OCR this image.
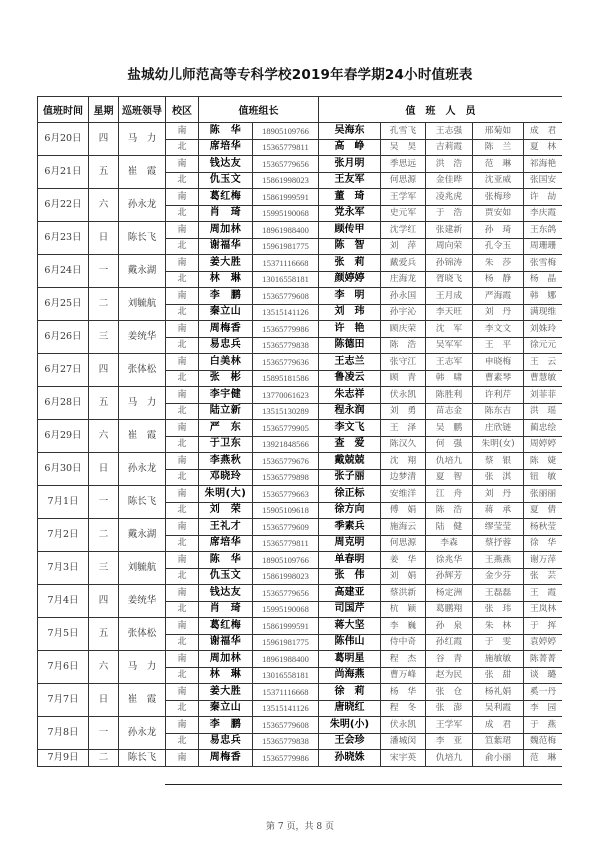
盐城幼儿师范高等专科学校2019年春学期24小时值班表
值班时间	星期	巡班领导	校区	值班组长		值　班　人　员				
6月20日	四	马　力	南	陈　华	18905109766	吴海东	孔雪飞	王志强	邢菊如	成　君
			北	席培华	15365779811	高　峥	吴　昊	吉莉霞	陈　兰	夏　林
6月21日	五	崔　霞	南	钱达友	15365779656	张月明	季思远	洪　浩	范　琳	祁海艳
			北	仇玉文	15861998023	王友军	何思源	金佳晔	沈亚威	张国安
6月22日	六	孙永龙	南	葛红梅	15861999591	董　琦	王学军	凌兆虎	张梅珍	许　劼
			北	肖　琦	15995190068	党永军	史元军	于　浩	贾安如	李庆霞
6月23日	日	陈长飞	南	周加林	18961988400	顾传甲	沈学红	张建新	孙　琦	王东鸽
			北	谢福华	15961981775	陈　智	刘　萍	周向荣	孔令玉	周珊珊
6月24日	一	戴永湖	南	姜大胜	15371116668	张　莉	戴爱兵	孙锦涛	朱　莎	张雪梅
			北	林　琳	13016558181	颜婷婷	庄海龙	胥晓飞	杨　静	杨　晶
6月25日	二	刘毓航	南	李　鹏	15365779608	李　明	孙永国	王月成	严海霞	韩　娜
			北	秦立山	13515141126	刘　玮	孙宇沁	李天旺	刘　丹	满现维
6月26日	三	姜统华	南	周梅香	15365779986	许　艳	顾庆荣	沈　军	李文文	刘姝玲
			北	易忠兵	15365779838	陈德田	陈　浩	吴军军	王　平	徐元元
6月27日	四	张体松	南	白美林	15365779636	王志兰	张守江	王志军	申晓梅	王　云
			北	张　彬	15895181586	鲁凌云	顾　青	韩　啸	曹素琴	曹慧敏
6月28日	五	马　力	南	李宇健	13770061623	朱志祥	伏永凯	陈胜利	许利芹	刘菲菲
			北	陆立新	13515130289	程永润	刘　勇	苗志金	陈东吉	洪　瑶
6月29日	六	崔　霞	南	严　东	15365779905	李文飞	王　泽	吴　鹏	庄欣链	蔺忠绘
			北	于卫东	13921848566	查　爱	陈汉久	何　强	朱明(女)	周婷婷
6月30日	日	孙永龙	南	李燕秋	15365779676	戴兢兢	沈　翔	仇培九	蔡　银	陈　婕
			北	邓晓玲	15365779898	张子丽	边梦清	夏　智	张　淇	钮　敏
7月1日	一	陈长飞	南	朱明(大)	15365779663	徐正标	安维洋	江　舟	刘　丹	张丽丽
			北	刘　荣	15905109618	徐方向	傅　娟	陈　浩	蒋　承	夏　倩
7月2日	二	戴永湖	南	王礼才	15365779609	季素兵	施海云	陆　健	缪莹莹	杨秋莹
			北	席培华	15365779811	周克明	何思源	李森	蔡抒蓉	徐　华
7月3日	三	刘毓航	南	陈　华	18905109766	单春明	姜　华	徐兆华	王燕燕	谢万萍
			北	仇玉文	15861998023	张　伟	刘　娟	孙辉芳	金少芬	张　芸
7月4日	四	姜统华	南	钱达友	15365779656	高建亚	蔡洪新	杨定洲	王磊磊	王　霞
			北	肖　琦	15995190068	司国芹	杭　颖	葛鹏翔	张　玮	王岚林
7月5日	五	张体松	南	葛红梅	15861999591	蒋大坚	李　巍	孙　泉	朱　林	于　挥
			北	谢福华	15961981775	陈伟山	侍中奇	孙红霞	于　雯	袁婷婷
7月6日	六	马　力	南	周加林	18961988400	葛明星	程　杰	谷　青	施敏敏	陈菁菁
			北	林　琳	13016558181	尚海燕	曹万峰	赵为民	张　甜	谈　璐
7月7日	日	崔　霞	南	姜大胜	15371116668	徐　莉	杨　华	张　仓	杨礼娟	奚一丹
			北	秦立山	13515141126	唐晓红	程　冬	张　澎	吴利霞	李　园
7月8日	一	孙永龙	南	李　鹏	15365779608	朱明(小)	伏永凯	王学军	成　君	于　燕
			北	易忠兵	15365779838	王会珍	潘城闵	李　亚	笪紫珺	魏范梅
7月9日	二	陈长飞	南	周梅香	15365779986	孙晓姝	宋宇英	仇培九	俞小丽	范　琳
第 7 页，共 8 页
